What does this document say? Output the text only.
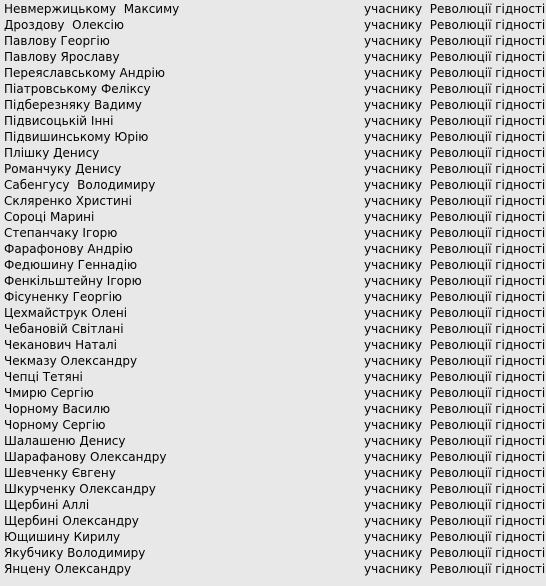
Невмержицькому  Максиму	учаснику  Революції гідності
Дроздову  Олексію	учаснику  Революції гідності
Павлову Георгію	учаснику  Революції гідності
Павлову Ярославу	учаснику  Революції гідності
Переяславському Андрію	учаснику  Революції гідності
Піатровському Феліксу	учаснику  Революції гідності
Підберезняку Вадиму	учаснику  Революції гідності
Підвисоцькій Інні	учаснику  Революції гідності
Підвишинському Юрію	учаснику  Революції гідності
Плішку Денису	учаснику  Революції гідності
Романчуку Денису	учаснику  Революції гідності
Сабенгусу  Володимиру	учаснику  Революції гідності
Скляренко Христині	учаснику  Революції гідності
Сороці Марині	учаснику  Революції гідності
Степанчаку Ігорю	учаснику  Революції гідності
Фарафонову Андрію	учаснику  Революції гідності
Федюшину Геннадію	учаснику  Революції гідності
Фенкільштейну Ігорю	учаснику  Революції гідності
Фісуненку Георгію	учаснику  Революції гідності
Цехмайструк Олені	учаснику  Революції гідності
Чебановій Світлані	учаснику  Революції гідності
Чеканович Наталі	учаснику  Революції гідності
Чекмазу Олександру	учаснику  Революції гідності
Чепці Тетяні	учаснику  Революції гідності
Чмирю Сергію	учаснику  Революції гідності
Чорному Василю	учаснику  Революції гідності
Чорному Сергію	учаснику  Революції гідності
Шалашеню Денису	учаснику  Революції гідності
Шарафанову Олександру	учаснику  Революції гідності
Шевченку Євгену	учаснику  Революції гідності
Шкурченку Олександру	учаснику  Революції гідності
Щербині Аллі	учаснику  Революції гідності
Щербині Олександру	учаснику  Революції гідності
Ющишину Кирилу	учаснику  Революції гідності
Якубчику Володимиру	учаснику  Революції гідності
Янцену Олександру	учаснику  Революції гідності
